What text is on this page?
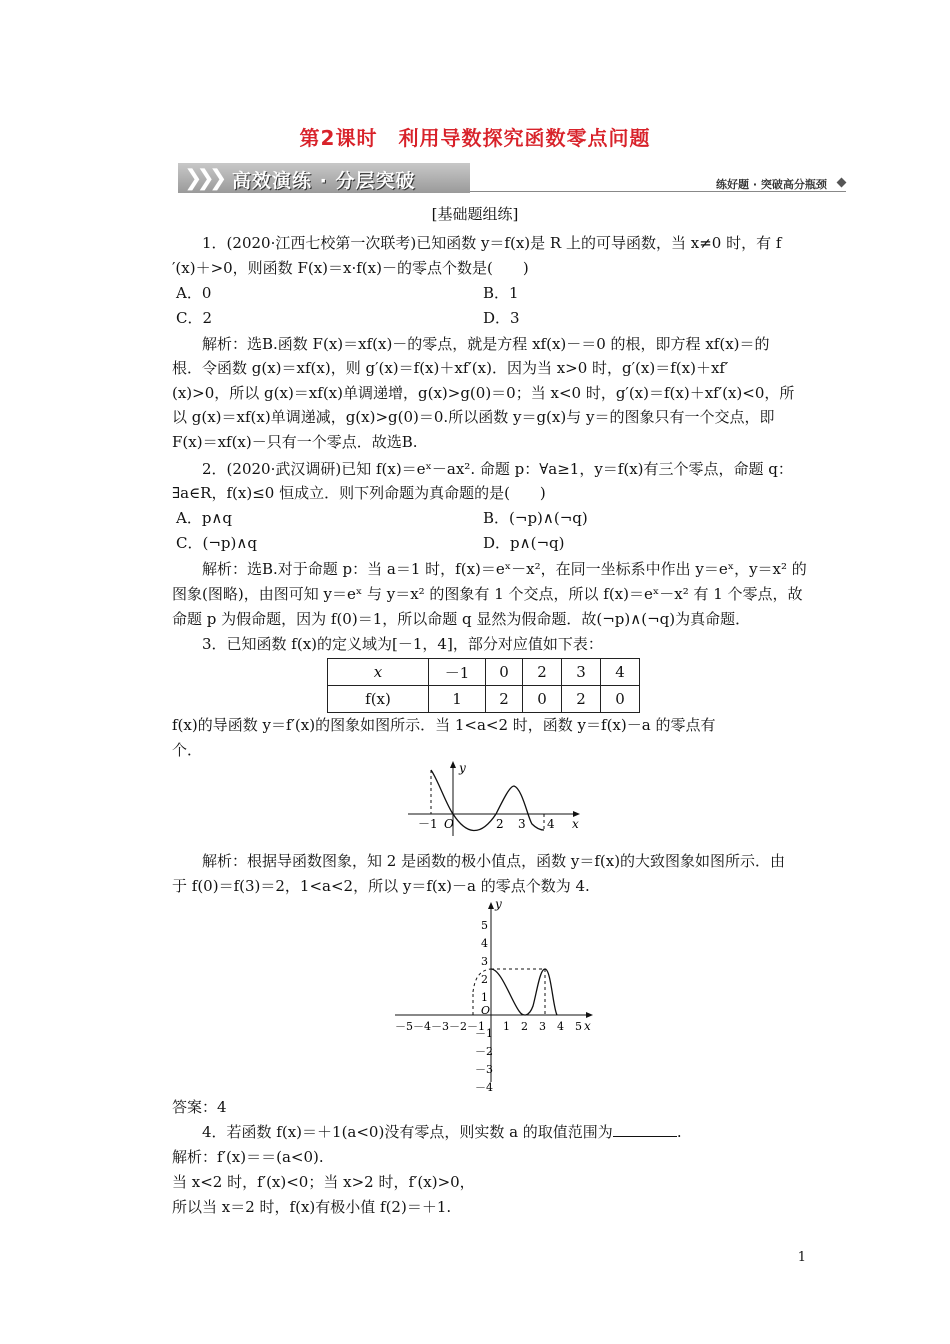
第2课时　利用导数探究函数零点问题
❯❯❯ 高效演练 · 分层突破	练好题 · 突破高分瓶颈
[基础题组练]
1．(2020·江西七校第一次联考)已知函数 y＝f(x)是 R 上的可导函数，当 x≠0 时，有 f
′(x)＋>0，则函数 F(x)＝x·f(x)－的零点个数是(　　)
A．0	B．1
C．2	D．3
解析：选B.函数 F(x)＝xf(x)－的零点，就是方程 xf(x)－＝0 的根，即方程 xf(x)＝的
根．令函数 g(x)＝xf(x)，则 g′(x)＝f(x)＋xf′(x)．因为当 x>0 时，g′(x)＝f(x)＋xf′
(x)>0，所以 g(x)＝xf(x)单调递增，g(x)>g(0)＝0；当 x<0 时，g′(x)＝f(x)＋xf′(x)<0，所
以 g(x)＝xf(x)单调递减，g(x)>g(0)＝0.所以函数 y＝g(x)与 y＝的图象只有一个交点，即
F(x)＝xf(x)－只有一个零点．故选B.
2．(2020·武汉调研)已知 f(x)＝eˣ－ax². 命题 p：∀a≥1，y＝f(x)有三个零点，命题 q：
∃a∈R，f(x)≤0 恒成立．则下列命题为真命题的是(　　)
A．p∧q	B．(¬p)∧(¬q)
C．(¬p)∧q	D．p∧(¬q)
解析：选B.对于命题 p：当 a＝1 时，f(x)＝eˣ－x²，在同一坐标系中作出 y＝eˣ，y＝x² 的
图象(图略)，由图可知 y＝eˣ 与 y＝x² 的图象有 1 个交点，所以 f(x)＝eˣ－x² 有 1 个零点，故
命题 p 为假命题，因为 f(0)＝1，所以命题 q 显然为假命题．故(¬p)∧(¬q)为真命题．
3．已知函数 f(x)的定义域为[－1，4]，部分对应值如下表：
x	－1	0	2	3	4
f(x)	1	2	0	2	0
f(x)的导函数 y＝f′(x)的图象如图所示．当 1<a<2 时，函数 y＝f(x)－a 的零点有
个．
y
－1 O	2 3 4 x
解析：根据导函数图象，知 2 是函数的极小值点，函数 y＝f(x)的大致图象如图所示．由
于 f(0)＝f(3)＝2，1<a<2，所以 y＝f(x)－a 的零点个数为 4.
－5 －4 －3 －2 －1 1 2 3 4 5
5
4
3
2
1
－1
－2
－3
－4
y
x
O
答案：4
4．若函数 f(x)＝＋1(a<0)没有零点，则实数 a 的取值范围为	.
解析：f′(x)＝＝(a<0).
当 x<2 时，f′(x)<0；当 x>2 时，f′(x)>0，
所以当 x＝2 时，f(x)有极小值 f(2)＝＋1.
1
